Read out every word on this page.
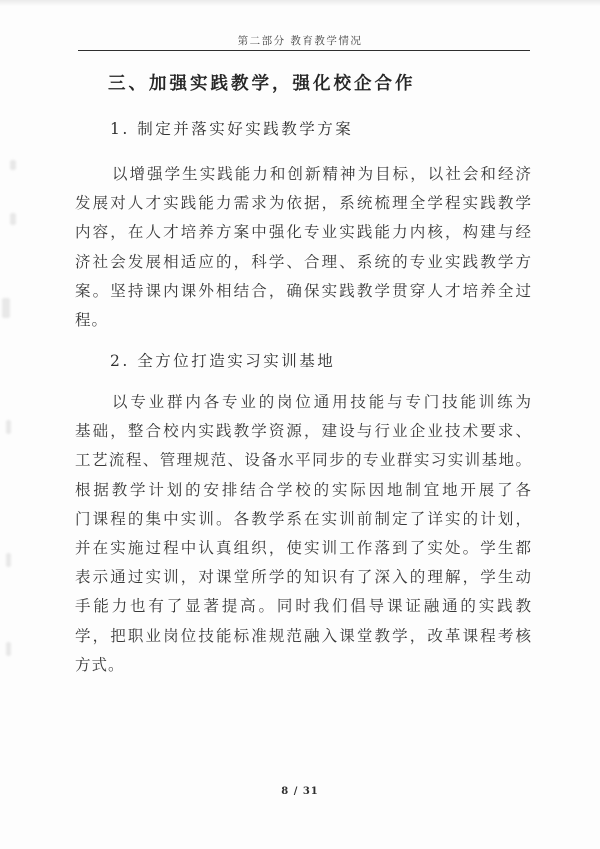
第二部分 教育教学情况
三、加强实践教学，强化校企合作
1. 制定并落实好实践教学方案
以增强学生实践能力和创新精神为目标，以社会和经济
发展对人才实践能力需求为依据，系统梳理全学程实践教学
内容，在人才培养方案中强化专业实践能力内核，构建与经
济社会发展相适应的，科学、合理、系统的专业实践教学方
案。坚持课内课外相结合，确保实践教学贯穿人才培养全过
程。
2. 全方位打造实习实训基地
以专业群内各专业的岗位通用技能与专门技能训练为
基础，整合校内实践教学资源，建设与行业企业技术要求、
工艺流程、管理规范、设备水平同步的专业群实习实训基地。
根据教学计划的安排结合学校的实际因地制宜地开展了各
门课程的集中实训。各教学系在实训前制定了详实的计划，
并在实施过程中认真组织，使实训工作落到了实处。学生都
表示通过实训，对课堂所学的知识有了深入的理解，学生动
手能力也有了显著提高。同时我们倡导课证融通的实践教
学，把职业岗位技能标准规范融入课堂教学，改革课程考核
方式。
8 / 31
